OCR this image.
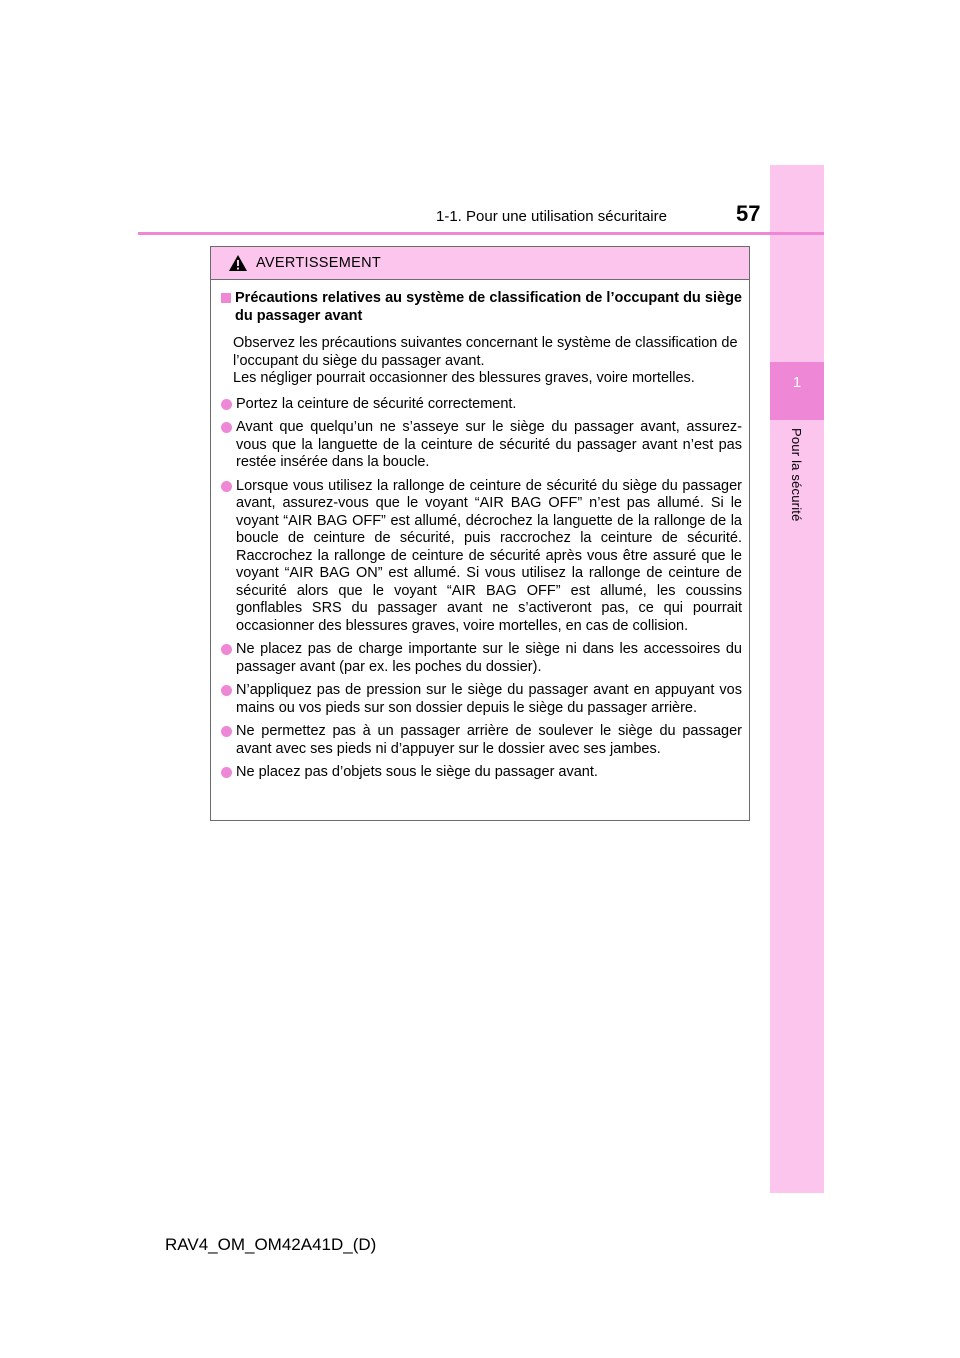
1
Pour la sécurité
1-1. Pour une utilisation sécuritaire	57
AVERTISSEMENT
Précautions relatives au système de classification de l’occupant du siège du passager avant
Observez les précautions suivantes concernant le système de classification de l’occupant du siège du passager avant.
Les négliger pourrait occasionner des blessures graves, voire mortelles.
Portez la ceinture de sécurité correctement.
Avant que quelqu’un ne s’asseye sur le siège du passager avant, assurez-vous que la languette de la ceinture de sécurité du passager avant n’est pas restée insérée dans la boucle.
Lorsque vous utilisez la rallonge de ceinture de sécurité du siège du passager avant, assurez-vous que le voyant “AIR BAG OFF” n’est pas allumé. Si le voyant “AIR BAG OFF” est allumé, décrochez la languette de la rallonge de la boucle de ceinture de sécurité, puis raccrochez la ceinture de sécurité. Raccrochez la rallonge de ceinture de sécurité après vous être assuré que le voyant “AIR BAG ON” est allumé. Si vous utilisez la rallonge de ceinture de sécurité alors que le voyant “AIR BAG OFF” est allumé, les coussins gonflables SRS du passager avant ne s’activeront pas, ce qui pourrait occasionner des blessures graves, voire mortelles, en cas de collision.
Ne placez pas de charge importante sur le siège ni dans les accessoires du passager avant (par ex. les poches du dossier).
N’appliquez pas de pression sur le siège du passager avant en appuyant vos mains ou vos pieds sur son dossier depuis le siège du passager arrière.
Ne permettez pas à un passager arrière de soulever le siège du passager avant avec ses pieds ni d’appuyer sur le dossier avec ses jambes.
Ne placez pas d’objets sous le siège du passager avant.
RAV4_OM_OM42A41D_(D)
